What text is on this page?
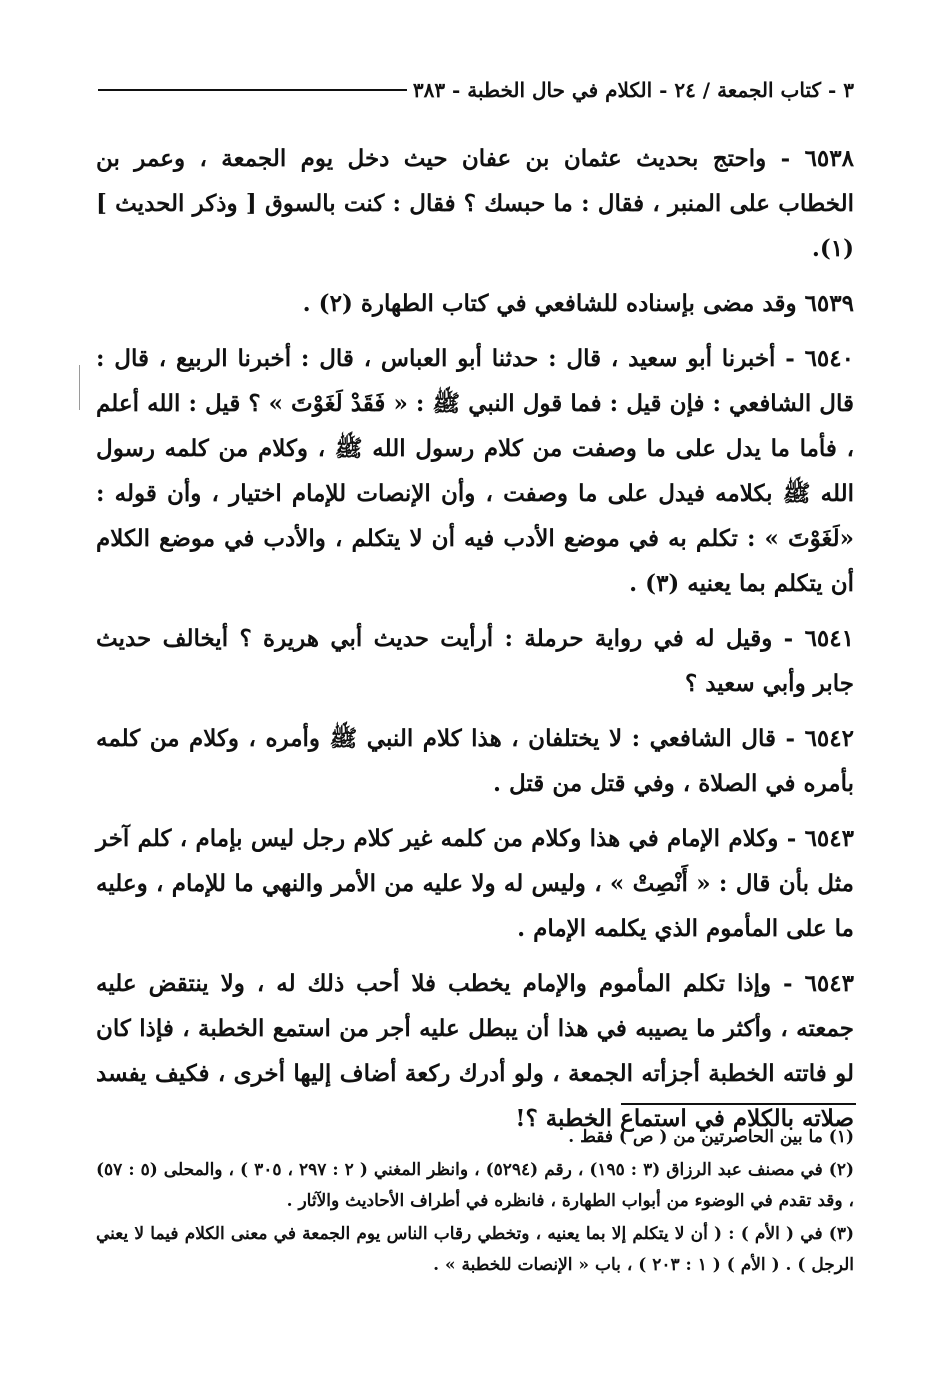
٣ - كتاب الجمعة / ٢٤ - الكلام في حال الخطبة - ٣٨٣

٦٥٣٨ - واحتج بحديث عثمان بن عفان حيث دخل يوم الجمعة ، وعمر بن الخطاب على المنبر ، فقال : ما حبسك ؟ فقال : كنت بالسوق [ وذكر الحديث ](١).

٦٥٣٩ وقد مضى بإسناده للشافعي في كتاب الطهارة (٢) .

٦٥٤٠ - أخبرنا أبو سعيد ، قال : حدثنا أبو العباس ، قال : أخبرنا الربيع ، قال : قال الشافعي : فإن قيل : فما قول النبي ﷺ : « فَقَدْ لَغَوْتَ » ؟ قيل : الله أعلم ، فأما ما يدل على ما وصفت من كلام رسول الله ﷺ ، وكلام من كلمه رسول الله ﷺ بكلامه فيدل على ما وصفت ، وأن الإنصات للإمام اختيار ، وأن قوله : «لَغَوْتَ » : تكلم به في موضع الأدب فيه أن لا يتكلم ، والأدب في موضع الكلام أن يتكلم بما يعنيه (٣) .

٦٥٤١ - وقيل له في رواية حرملة : أرأيت حديث أبي هريرة ؟ أيخالف حديث جابر وأبي سعيد ؟

٦٥٤٢ - قال الشافعي : لا يختلفان ، هذا كلام النبي ﷺ وأمره ، وكلام من كلمه بأمره في الصلاة ، وفي قتل من قتل .

٦٥٤٣ - وكلام الإمام في هذا وكلام من كلمه غير كلام رجل ليس بإمام ، كلم آخر مثل بأن قال : « أَنْصِتْ » ، وليس له ولا عليه من الأمر والنهي ما للإمام ، وعليه ما على المأموم الذي يكلمه الإمام .

٦٥٤٣ - وإذا تكلم المأموم والإمام يخطب فلا أحب ذلك له ، ولا ينتقض عليه جمعته ، وأكثر ما يصيبه في هذا أن يبطل عليه أجر من استمع الخطبة ، فإذا كان لو فاتته الخطبة أجزأته الجمعة ، ولو أدرك ركعة أضاف إليها أخرى ، فكيف يفسد صلاته بالكلام في استماع الخطبة ؟!

(١) ما بين الحاصرتين من ( ص ) فقط .

(٢) في مصنف عبد الرزاق (٣ : ١٩٥) ، رقم (٥٢٩٤) ، وانظر المغني ( ٢ : ٢٩٧ ، ٣٠٥ ) ، والمحلى (٥ : ٥٧) ، وقد تقدم في الوضوء من أبواب الطهارة ، فانظره في أطراف الأحاديث والآثار .

(٣) في ( الأم ) : ( أن لا يتكلم إلا بما يعنيه ، وتخطي رقاب الناس يوم الجمعة في معنى الكلام فيما لا يعني الرجل ) . ( الأم ) ( ١ : ٢٠٣ ) ، باب « الإنصات للخطبة » .
